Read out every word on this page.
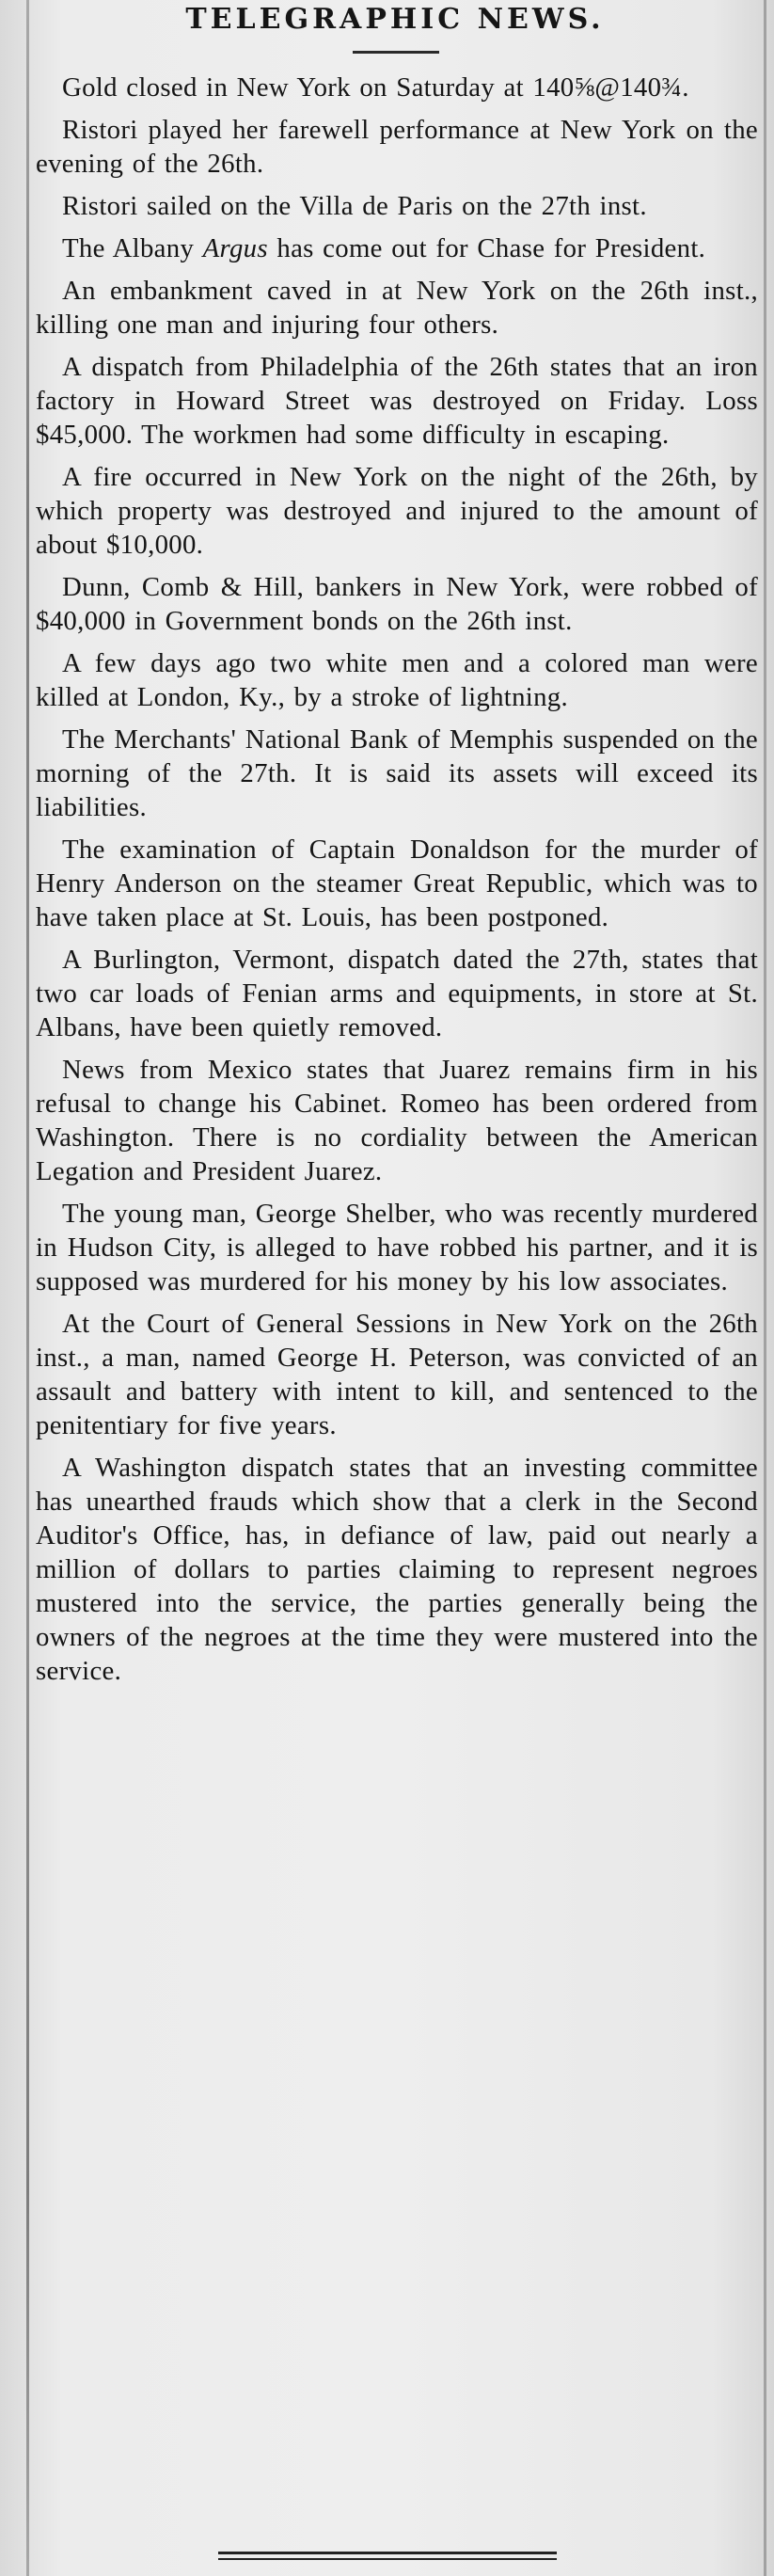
TELEGRAPHIC NEWS.

Gold closed in New York on Saturday at 140⅝@140¾.

Ristori played her farewell performance at New York on the evening of the 26th.

Ristori sailed on the Villa de Paris on the 27th inst.

The Albany Argus has come out for Chase for President.

An embankment caved in at New York on the 26th inst., killing one man and injuring four others.

A dispatch from Philadelphia of the 26th states that an iron factory in Howard Street was destroyed on Friday. Loss $45,000. The workmen had some difficulty in escaping.

A fire occurred in New York on the night of the 26th, by which property was destroyed and injured to the amount of about $10,000.

Dunn, Comb & Hill, bankers in New York, were robbed of $40,000 in Government bonds on the 26th inst.

A few days ago two white men and a colored man were killed at London, Ky., by a stroke of lightning.

The Merchants' National Bank of Memphis suspended on the morning of the 27th. It is said its assets will exceed its liabilities.

The examination of Captain Donaldson for the murder of Henry Anderson on the steamer Great Republic, which was to have taken place at St. Louis, has been postponed.

A Burlington, Vermont, dispatch dated the 27th, states that two car loads of Fenian arms and equipments, in store at St. Albans, have been quietly removed.

News from Mexico states that Juarez remains firm in his refusal to change his Cabinet. Romeo has been ordered from Washington. There is no cordiality between the American Legation and President Juarez.

The young man, George Shelber, who was recently murdered in Hudson City, is alleged to have robbed his partner, and it is supposed was murdered for his money by his low associates.

At the Court of General Sessions in New York on the 26th inst., a man, named George H. Peterson, was convicted of an assault and battery with intent to kill, and sentenced to the penitentiary for five years.

A Washington dispatch states that an investing committee has unearthed frauds which show that a clerk in the Second Auditor's Office, has, in defiance of law, paid out nearly a million of dollars to parties claiming to represent negroes mustered into the service, the parties generally being the owners of the negroes at the time they were mustered into the service.
